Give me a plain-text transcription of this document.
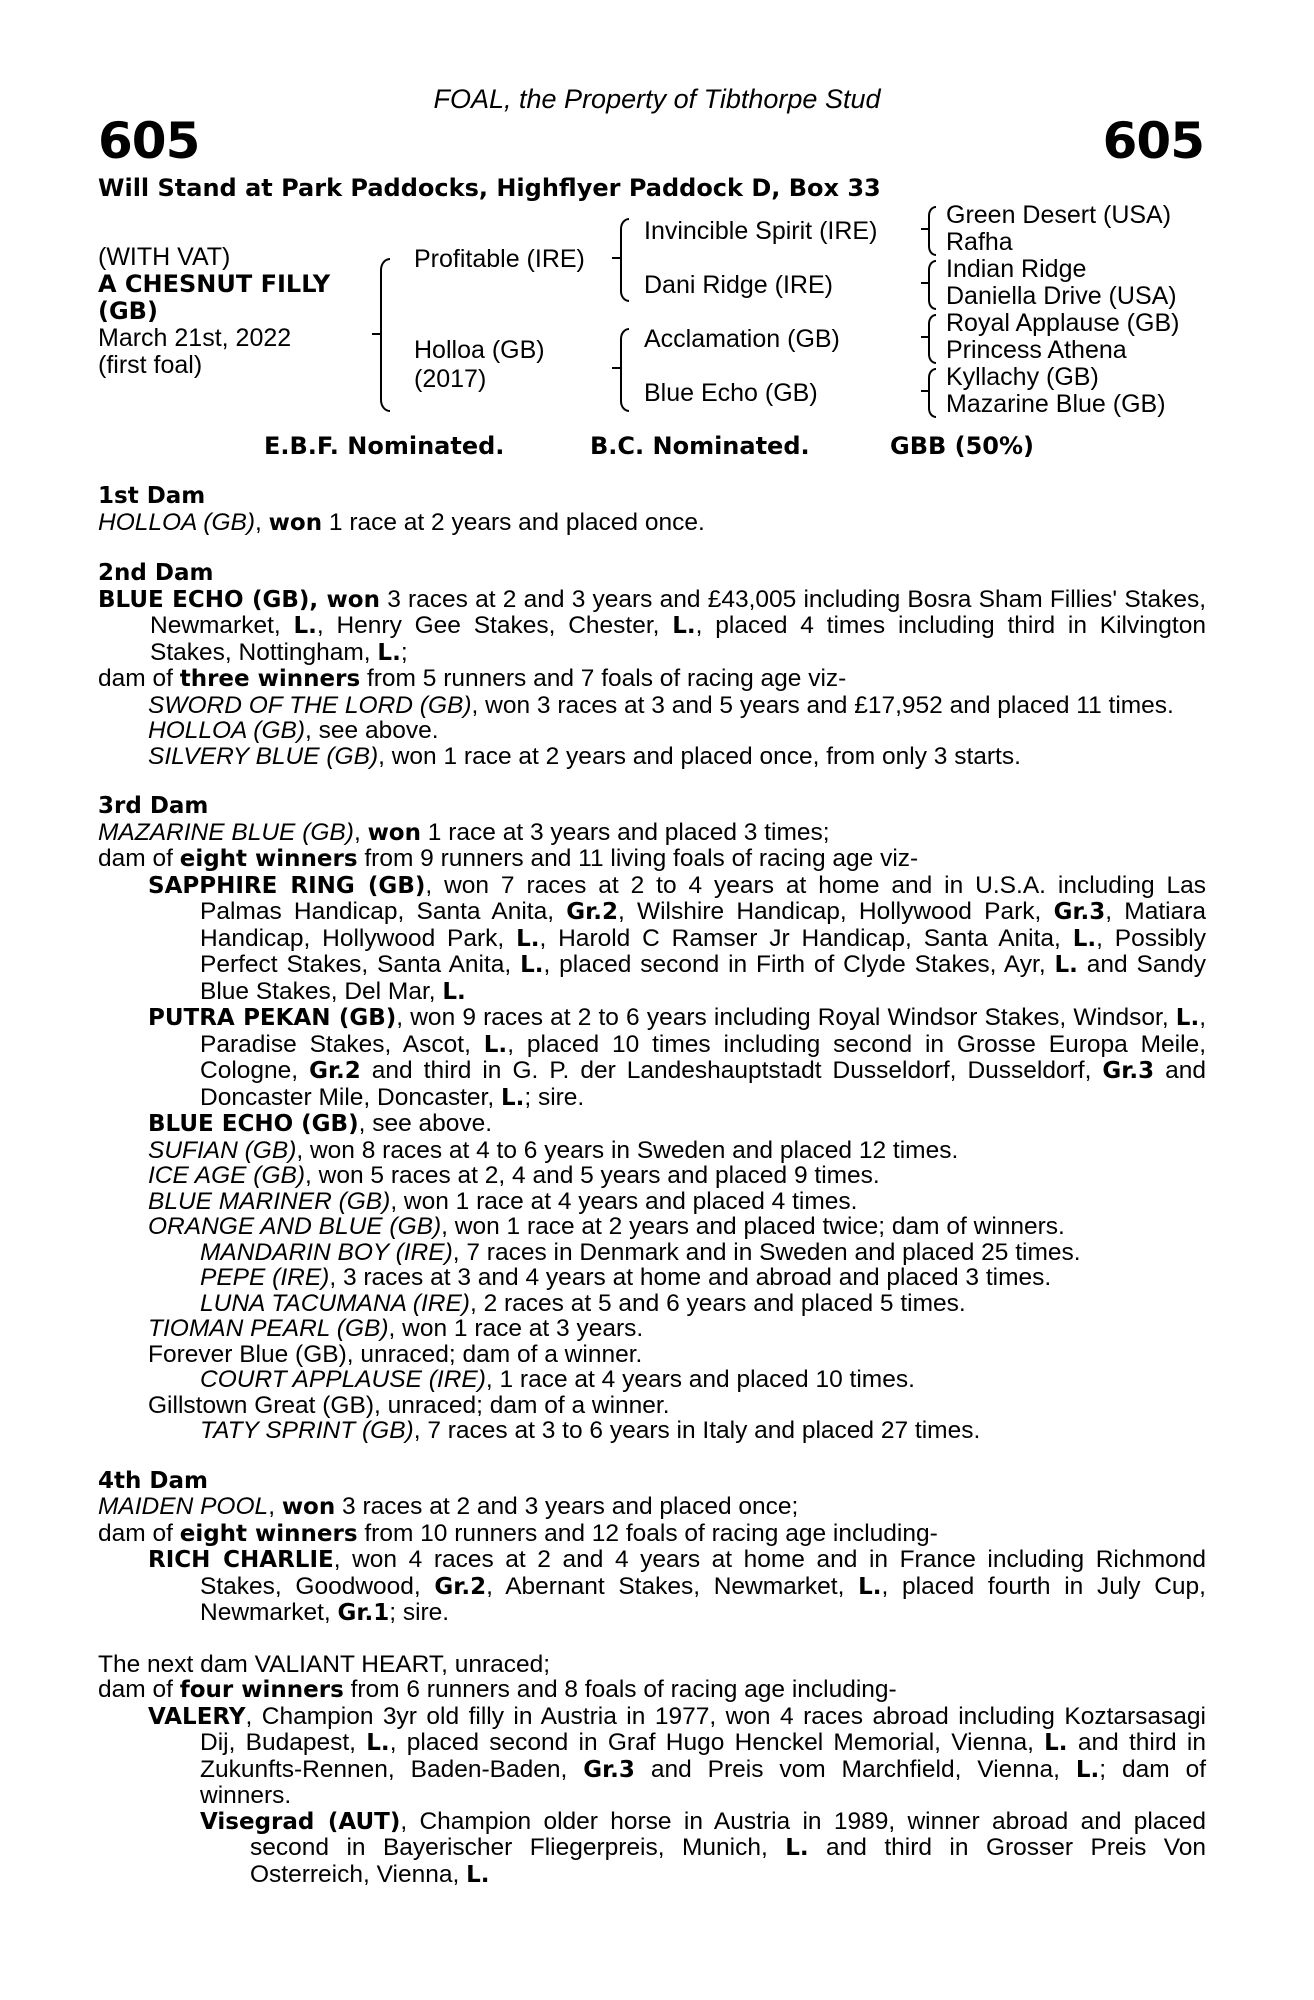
FOAL, the Property of Tibthorpe Stud
605	605
Will Stand at Park Paddocks, Highflyer Paddock D, Box 33
(WITH VAT)
A CHESNUT FILLY
(GB)
March 21st, 2022
(first foal)
Profitable (IRE)
Holloa (GB)
(2017)
Invincible Spirit (IRE)
Dani Ridge (IRE)
Acclamation (GB)
Blue Echo (GB)
Green Desert (USA)
Rafha
Indian Ridge
Daniella Drive (USA)
Royal Applause (GB)
Princess Athena
Kyllachy (GB)
Mazarine Blue (GB)
E.B.F. Nominated.	B.C. Nominated.	GBB (50%)

1st Dam

HOLLOA (GB), won 1 race at 2 years and placed once.

2nd Dam

BLUE ECHO (GB), won 3 races at 2 and 3 years and £43,005 including Bosra Sham Fillies' Stakes, Newmarket, L., Henry Gee Stakes, Chester, L., placed 4 times including third in Kilvington Stakes, Nottingham, L.;

dam of three winners from 5 runners and 7 foals of racing age viz-

SWORD OF THE LORD (GB), won 3 races at 3 and 5 years and £17,952 and placed 11 times.

HOLLOA (GB), see above.

SILVERY BLUE (GB), won 1 race at 2 years and placed once, from only 3 starts.

3rd Dam

MAZARINE BLUE (GB), won 1 race at 3 years and placed 3 times;

dam of eight winners from 9 runners and 11 living foals of racing age viz-

SAPPHIRE RING (GB), won 7 races at 2 to 4 years at home and in U.S.A. including Las Palmas Handicap, Santa Anita, Gr.2, Wilshire Handicap, Hollywood Park, Gr.3, Matiara Handicap, Hollywood Park, L., Harold C Ramser Jr Handicap, Santa Anita, L., Possibly Perfect Stakes, Santa Anita, L., placed second in Firth of Clyde Stakes, Ayr, L. and Sandy Blue Stakes, Del Mar, L.

PUTRA PEKAN (GB), won 9 races at 2 to 6 years including Royal Windsor Stakes, Windsor, L., Paradise Stakes, Ascot, L., placed 10 times including second in Grosse Europa Meile, Cologne, Gr.2 and third in G. P. der Landeshauptstadt Dusseldorf, Dusseldorf, Gr.3 and Doncaster Mile, Doncaster, L.; sire.

BLUE ECHO (GB), see above.

SUFIAN (GB), won 8 races at 4 to 6 years in Sweden and placed 12 times.

ICE AGE (GB), won 5 races at 2, 4 and 5 years and placed 9 times.

BLUE MARINER (GB), won 1 race at 4 years and placed 4 times.

ORANGE AND BLUE (GB), won 1 race at 2 years and placed twice; dam of winners.

MANDARIN BOY (IRE), 7 races in Denmark and in Sweden and placed 25 times.

PEPE (IRE), 3 races at 3 and 4 years at home and abroad and placed 3 times.

LUNA TACUMANA (IRE), 2 races at 5 and 6 years and placed 5 times.

TIOMAN PEARL (GB), won 1 race at 3 years.

Forever Blue (GB), unraced; dam of a winner.

COURT APPLAUSE (IRE), 1 race at 4 years and placed 10 times.

Gillstown Great (GB), unraced; dam of a winner.

TATY SPRINT (GB), 7 races at 3 to 6 years in Italy and placed 27 times.

4th Dam

MAIDEN POOL, won 3 races at 2 and 3 years and placed once;

dam of eight winners from 10 runners and 12 foals of racing age including-

RICH CHARLIE, won 4 races at 2 and 4 years at home and in France including Richmond Stakes, Goodwood, Gr.2, Abernant Stakes, Newmarket, L., placed fourth in July Cup, Newmarket, Gr.1; sire.

The next dam VALIANT HEART, unraced;

dam of four winners from 6 runners and 8 foals of racing age including-

VALERY, Champion 3yr old filly in Austria in 1977, won 4 races abroad including Koztarsasagi Dij, Budapest, L., placed second in Graf Hugo Henckel Memorial, Vienna, L. and third in Zukunfts-Rennen, Baden-Baden, Gr.3 and Preis vom Marchfield, Vienna, L.; dam of winners.

Visegrad (AUT), Champion older horse in Austria in 1989, winner abroad and placed second in Bayerischer Fliegerpreis, Munich, L. and third in Grosser Preis Von Osterreich, Vienna, L.
